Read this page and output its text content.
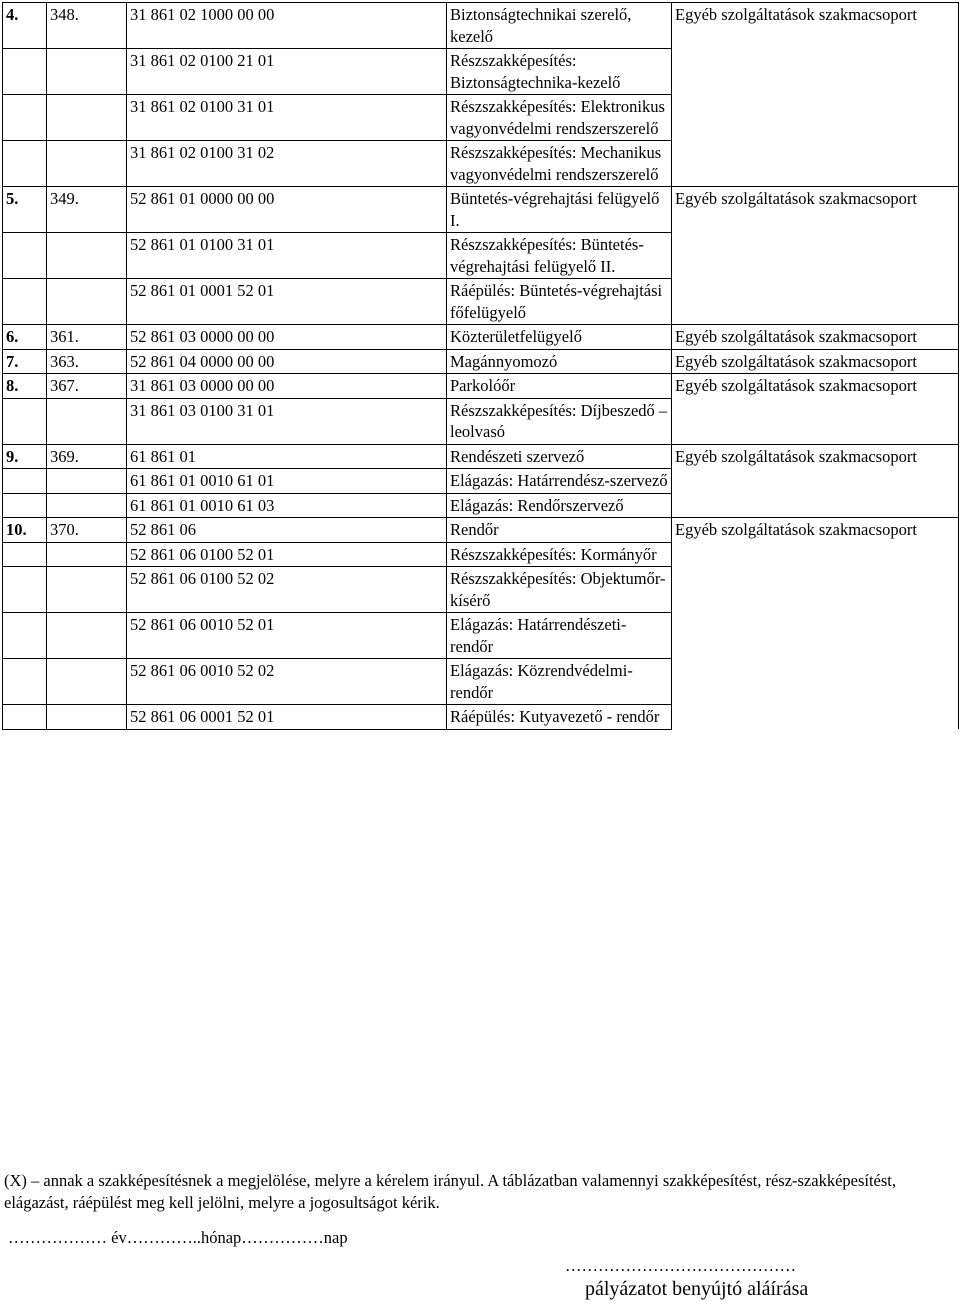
4.	348.	31 861 02 1000 00 00	Biztonságtechnikai szerelő, kezelő	Egyéb szolgáltatások szakmacsoport
		31 861 02 0100 21 01	Részszakképesítés: Biztonságtechnika-kezelő	
		31 861 02 0100 31 01	Részszakképesítés: Elektronikus vagyonvédelmi rendszerszerelő	
		31 861 02 0100 31 02	Részszakképesítés: Mechanikus vagyonvédelmi rendszerszerelő	
5.	349.	52 861 01 0000 00 00	Büntetés-végrehajtási felügyelő I.	Egyéb szolgáltatások szakmacsoport
		52 861 01 0100 31 01	Részszakképesítés: Büntetés-végrehajtási felügyelő II.	
		52 861 01 0001 52 01	Ráépülés: Büntetés-végrehajtási főfelügyelő	
6.	361.	52 861 03 0000 00 00	Közterületfelügyelő	Egyéb szolgáltatások szakmacsoport
7.	363.	52 861 04 0000 00 00	Magánnyomozó	Egyéb szolgáltatások szakmacsoport
8.	367.	31 861 03 0000 00 00	Parkolóőr	Egyéb szolgáltatások szakmacsoport
		31 861 03 0100 31 01	Részszakképesítés: Díjbeszedő – leolvasó	
9.	369.	61 861 01	Rendészeti szervező	Egyéb szolgáltatások szakmacsoport
		61 861 01 0010 61 01	Elágazás: Határrendész-szervező	
		61 861 01 0010 61 03	Elágazás: Rendőrszervező	
10.	370.	52 861 06	Rendőr	Egyéb szolgáltatások szakmacsoport
		52 861 06 0100 52 01	Részszakképesítés: Kormányőr	
		52 861 06 0100 52 02	Részszakképesítés: Objektumőr-kísérő	
		52 861 06 0010 52 01	Elágazás: Határrendészeti-rendőr	
		52 861 06 0010 52 02	Elágazás: Közrendvédelmi-rendőr	
		52 861 06 0001 52 01	Ráépülés: Kutyavezető - rendőr	

(X) – annak a szakképesítésnek a megjelölése, melyre a kérelem irányul. A táblázatban valamennyi szakképesítést, rész-szakképesítést, elágazást, ráépülést meg kell jelölni, melyre a jogosultságot kérik.

……………… év…………..hónap……………nap
……………………………………
pályázatot benyújtó aláírása
